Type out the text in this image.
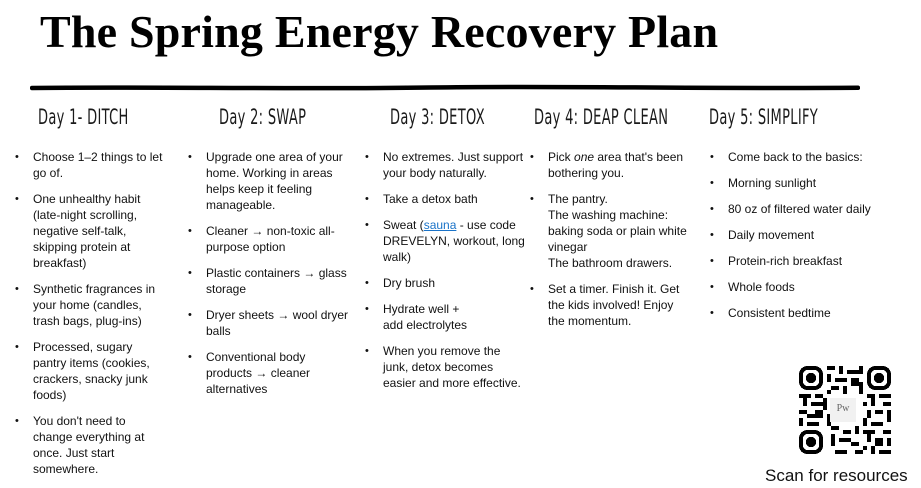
The Spring Energy Recovery Plan
Day 1- DITCH	Day 2: SWAP	Day 3: DETOX Day 4: DEAP CLEAN Day 5: SIMPLIFY
• Choose 1–2 things to let
go of.
• One unhealthy habit
(late-night scrolling,
negative self-talk,
skipping protein at
breakfast)
• Synthetic fragrances in
your home (candles,
trash bags, plug-ins)
• Processed, sugary
pantry items (cookies,
crackers, snacky junk
foods)
• You don't need to
change everything at
once. Just start
somewhere.
• Upgrade one area of your
home. Working in areas
helps keep it feeling
manageable.
• Cleaner → non-toxic all-
purpose option
• Plastic containers → glass
storage
• Dryer sheets → wool dryer
balls
• Conventional body
products → cleaner
alternatives
• No extremes. Just support
your body naturally.
• Take a detox bath
• Sweat (sauna - use code
DREVELYN, workout, long
walk)
• Dry brush
• Hydrate well +
add electrolytes
• When you remove the
junk, detox becomes
easier and more effective.
• Pick one area that's been
bothering you.
• The pantry.
The washing machine:
baking soda or plain white
vinegar
The bathroom drawers.
• Set a timer. Finish it. Get
the kids involved! Enjoy
the momentum.
• Come back to the basics:
• Morning sunlight
• 80 oz of filtered water daily
• Daily movement
• Protein-rich breakfast
• Whole foods
• Consistent bedtime
Pw
Scan for resources
